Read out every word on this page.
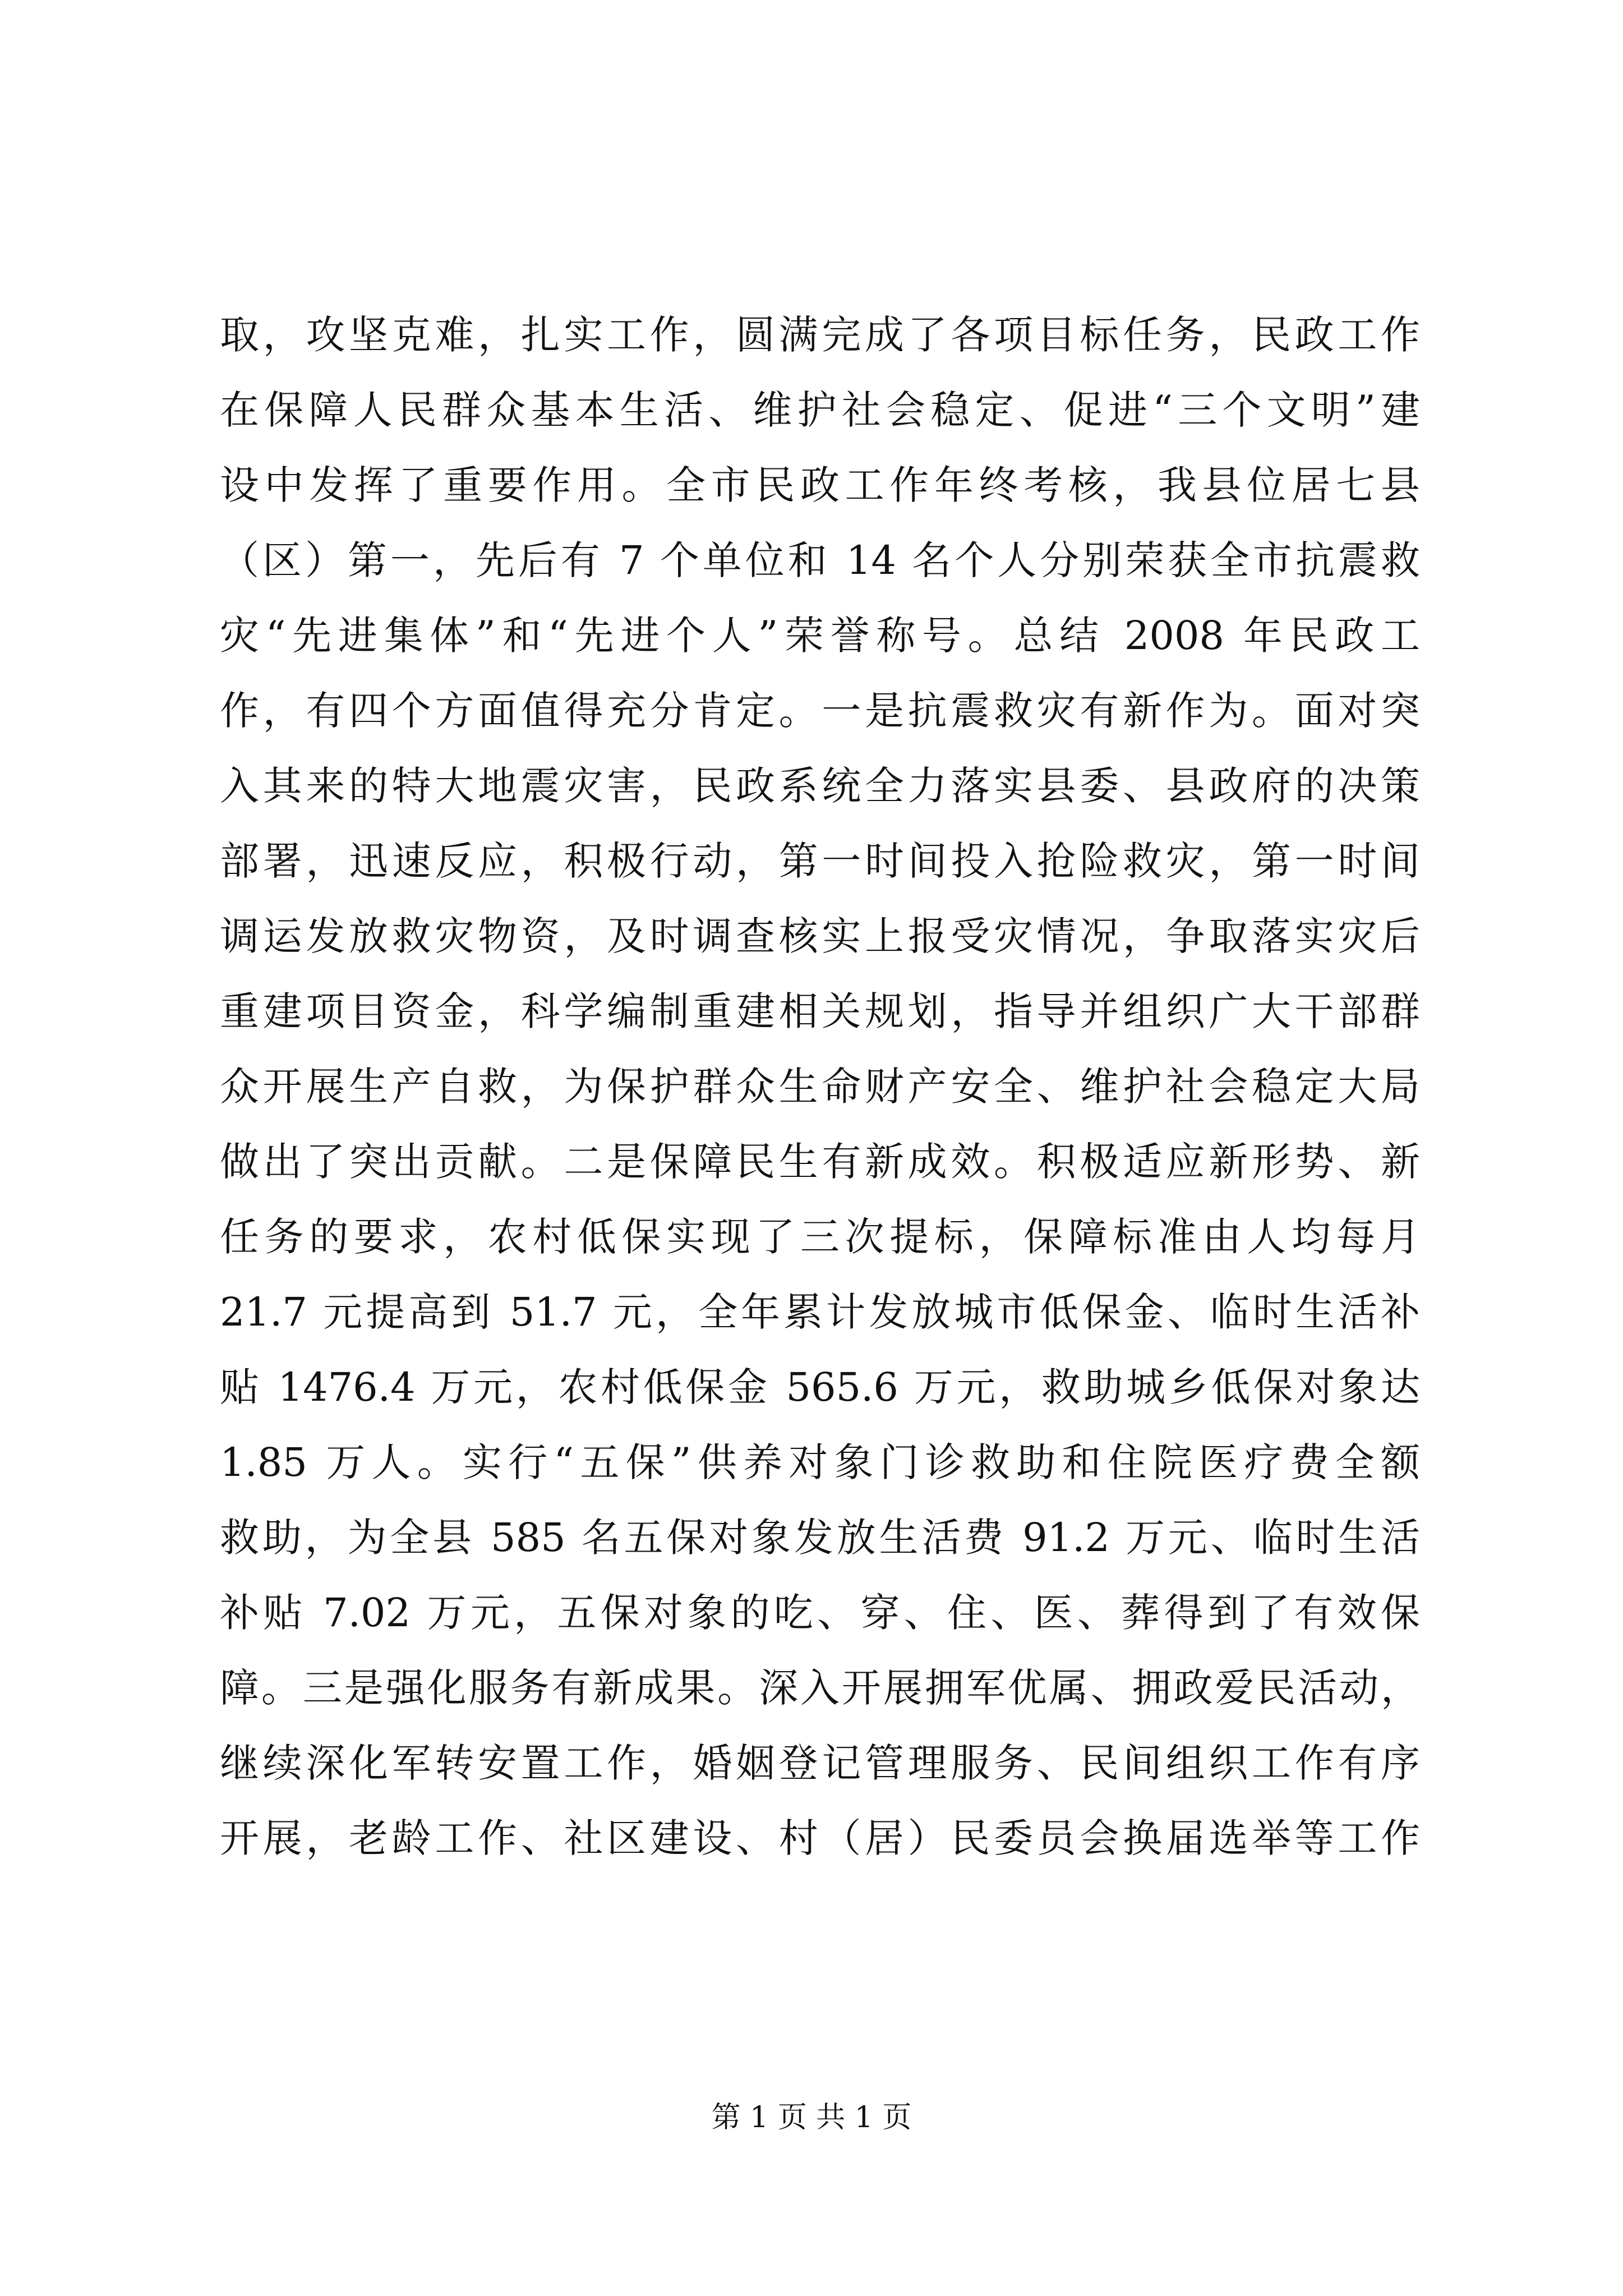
取，攻坚克难，扎实工作，圆满完成了各项目标任务，民政工作
在保障人民群众基本生活、维护社会稳定、促进“三个文明”建
设中发挥了重要作用。全市民政工作年终考核，我县位居七县
（区）第一，先后有 7 个单位和 14 名个人分别荣获全市抗震救
灾“先进集体”和“先进个人”荣誉称号。总结 2008 年民政工
作，有四个方面值得充分肯定。一是抗震救灾有新作为。面对突
入其来的特大地震灾害，民政系统全力落实县委、县政府的决策
部署，迅速反应，积极行动，第一时间投入抢险救灾，第一时间
调运发放救灾物资，及时调查核实上报受灾情况，争取落实灾后
重建项目资金，科学编制重建相关规划，指导并组织广大干部群
众开展生产自救，为保护群众生命财产安全、维护社会稳定大局
做出了突出贡献。二是保障民生有新成效。积极适应新形势、新
任务的要求，农村低保实现了三次提标，保障标准由人均每月
21.7 元提高到 51.7 元，全年累计发放城市低保金、临时生活补
贴 1476.4 万元，农村低保金 565.6 万元，救助城乡低保对象达
1.85 万人。实行“五保”供养对象门诊救助和住院医疗费全额
救助，为全县 585 名五保对象发放生活费 91.2 万元、临时生活
补贴 7.02 万元，五保对象的吃、穿、住、医、葬得到了有效保
障。三是强化服务有新成果。深入开展拥军优属、拥政爱民活动，
继续深化军转安置工作，婚姻登记管理服务、民间组织工作有序
开展，老龄工作、社区建设、村（居）民委员会换届选举等工作
第 1 页 共 1 页
